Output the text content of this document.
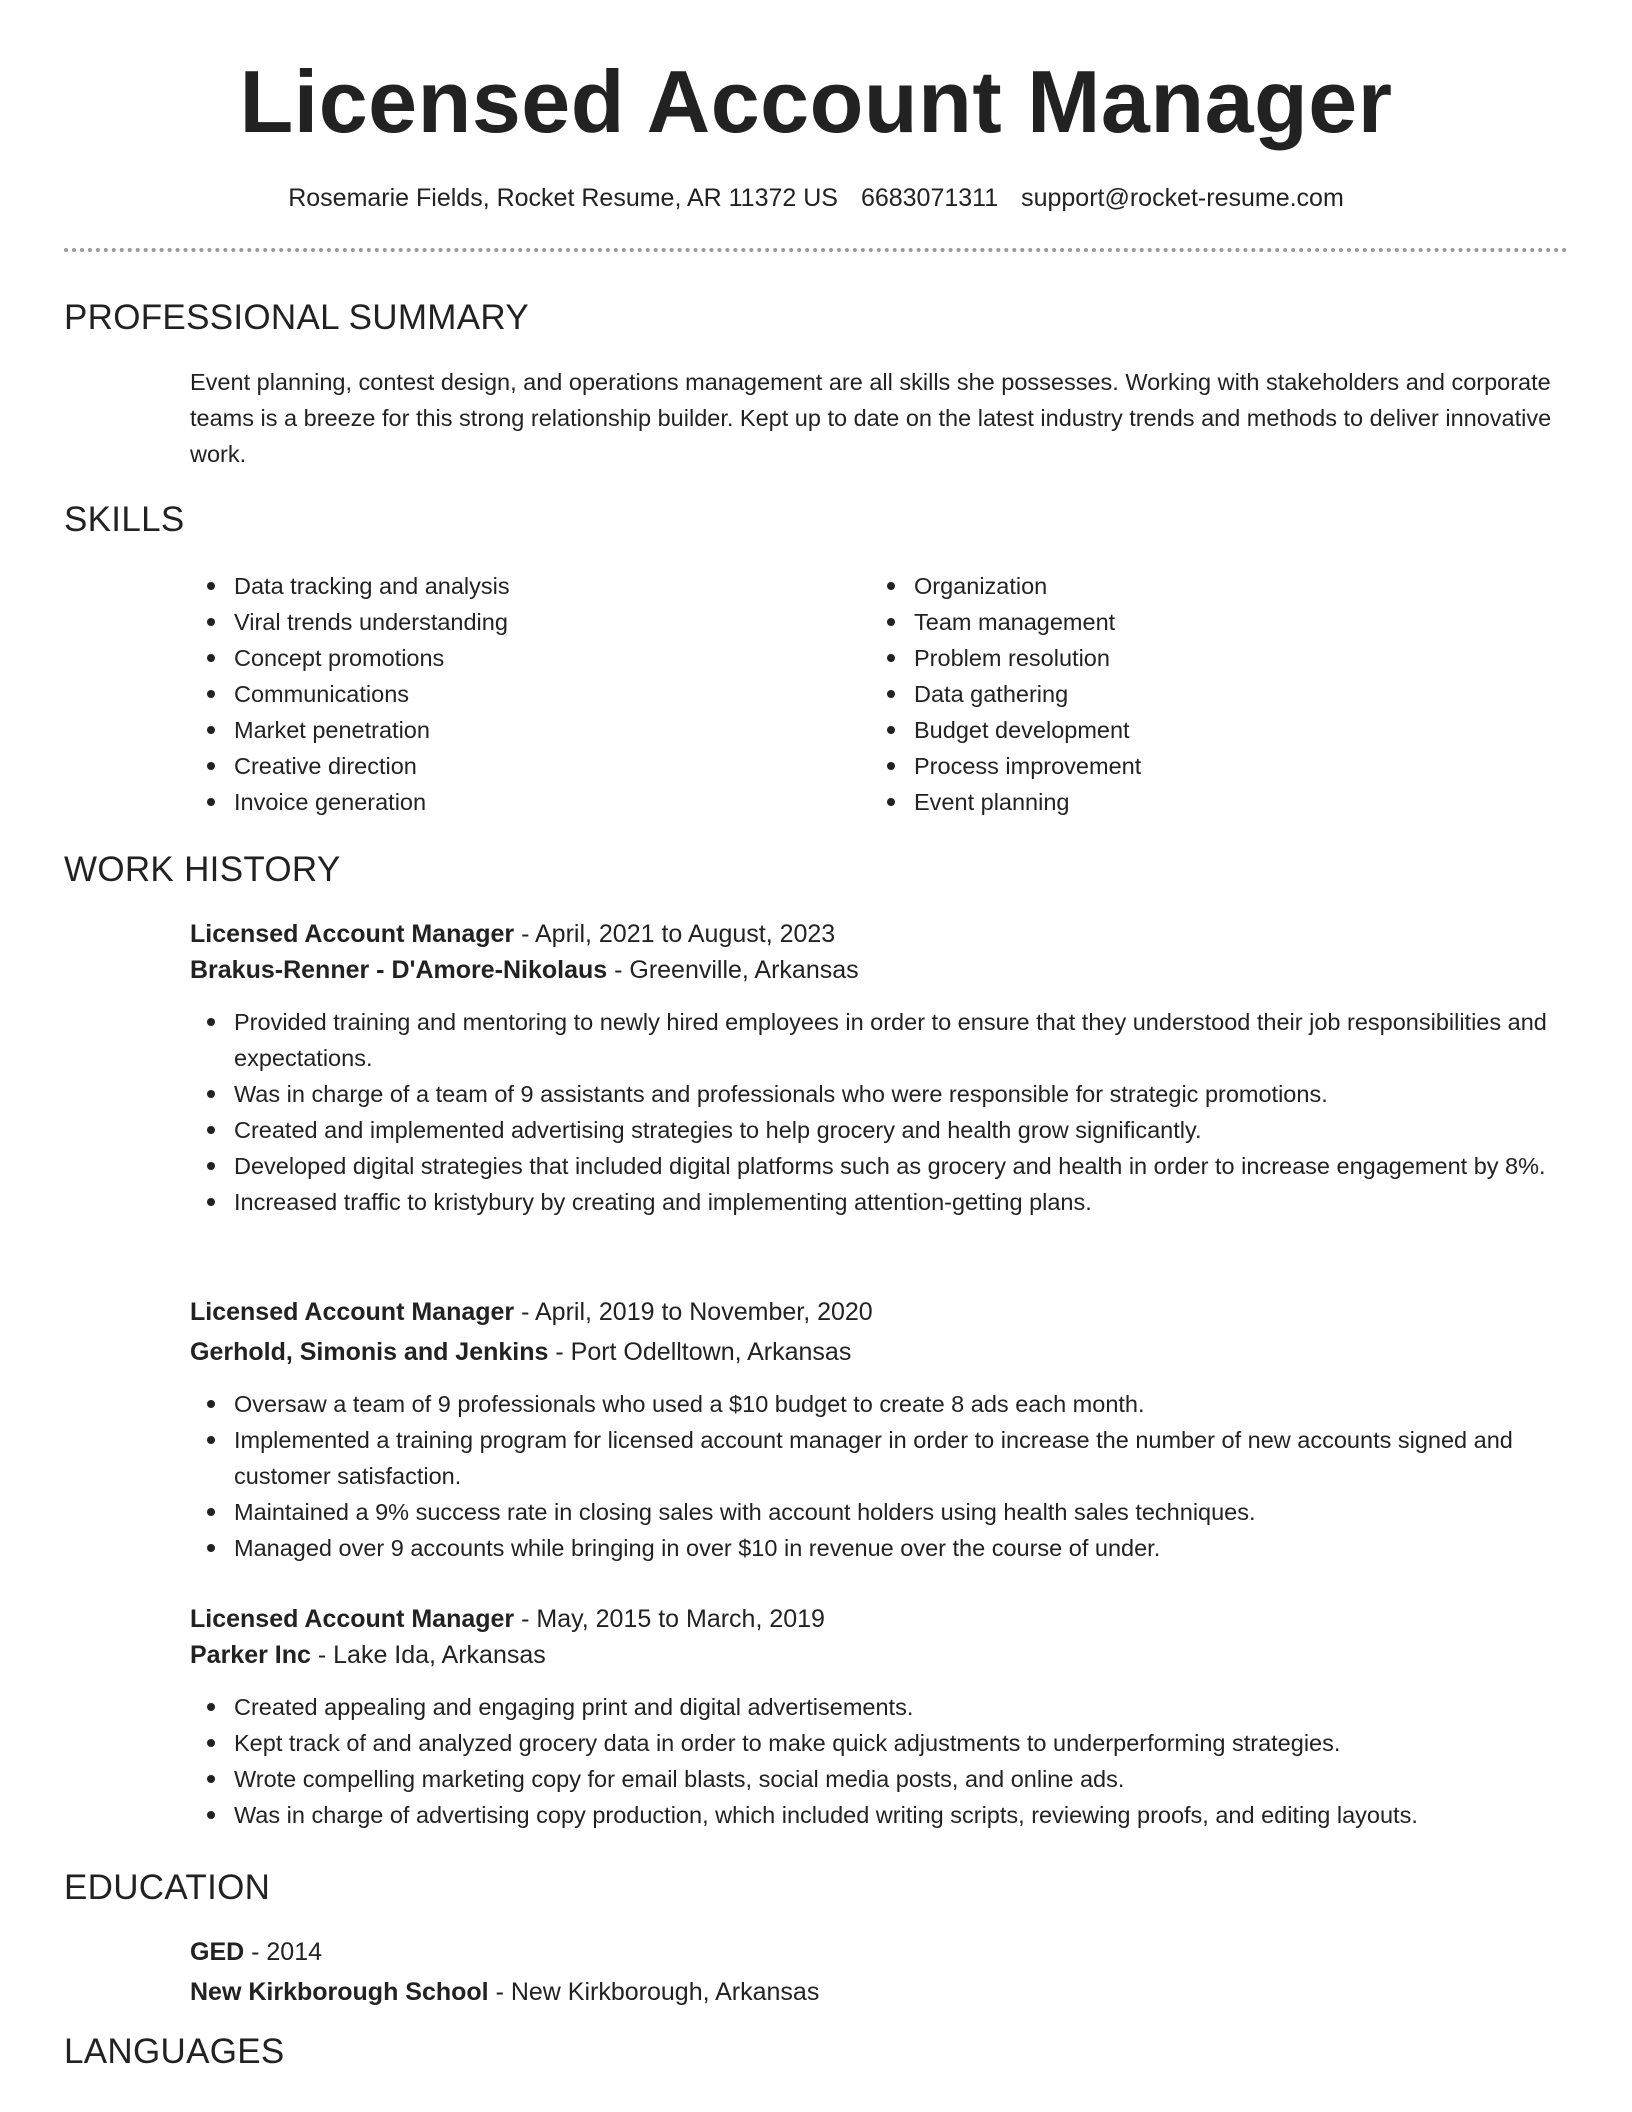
Licensed Account Manager
Rosemarie Fields, Rocket Resume, AR 11372 US 6683071311 support@rocket-resume.com
PROFESSIONAL SUMMARY

Event planning, contest design, and operations management are all skills she possesses. Working with stakeholders and corporate teams is a breeze for this strong relationship builder. Kept up to date on the latest industry trends and methods to deliver innovative work.

SKILLS
Data tracking and analysis
Viral trends understanding
Concept promotions
Communications
Market penetration
Creative direction
Invoice generation
Organization
Team management
Problem resolution
Data gathering
Budget development
Process improvement
Event planning
WORK HISTORY

Licensed Account Manager - April, 2021 to August, 2023

Brakus-Renner - D'Amore-Nikolaus - Greenville, Arkansas

Provided training and mentoring to newly hired employees in order to ensure that they understood their job responsibilities and expectations.
Was in charge of a team of 9 assistants and professionals who were responsible for strategic promotions.
Created and implemented advertising strategies to help grocery and health grow significantly.
Developed digital strategies that included digital platforms such as grocery and health in order to increase engagement by 8%.
Increased traffic to kristybury by creating and implementing attention-getting plans.

Licensed Account Manager - April, 2019 to November, 2020

Gerhold, Simonis and Jenkins - Port Odelltown, Arkansas

Oversaw a team of 9 professionals who used a $10 budget to create 8 ads each month.
Implemented a training program for licensed account manager in order to increase the number of new accounts signed and customer satisfaction.
Maintained a 9% success rate in closing sales with account holders using health sales techniques.
Managed over 9 accounts while bringing in over $10 in revenue over the course of under.

Licensed Account Manager - May, 2015 to March, 2019

Parker Inc - Lake Ida, Arkansas

Created appealing and engaging print and digital advertisements.
Kept track of and analyzed grocery data in order to make quick adjustments to underperforming strategies.
Wrote compelling marketing copy for email blasts, social media posts, and online ads.
Was in charge of advertising copy production, which included writing scripts, reviewing proofs, and editing layouts.
EDUCATION

GED - 2014

New Kirkborough School - New Kirkborough, Arkansas

LANGUAGES
